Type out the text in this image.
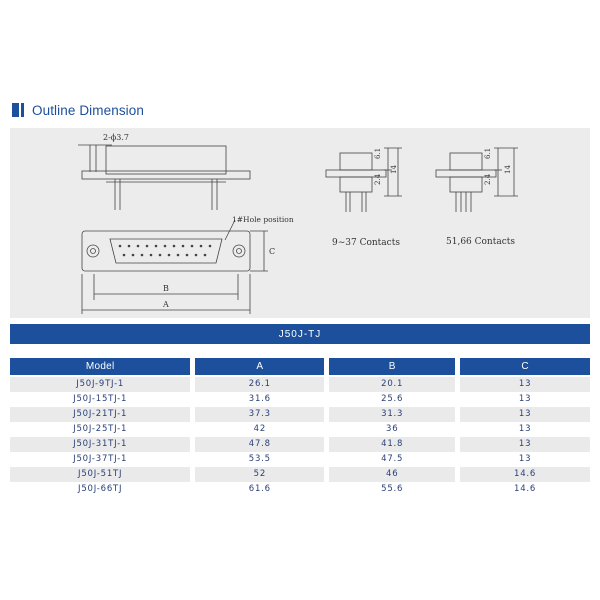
Outline Dimension
2-ϕ3.7
1#Hole position
C
B
A
6.1
2.4
14
6.1
2.4
14
9∼37 Contacts	51,66 Contacts
J50J-TJ
Model	A	B	C
J50J-9TJ-1	26.1	20.1	13
J50J-15TJ-1	31.6	25.6	13
J50J-21TJ-1	37.3	31.3	13
J50J-25TJ-1	42	36	13
J50J-31TJ-1	47.8	41.8	13
J50J-37TJ-1	53.5	47.5	13
J50J-51TJ	52	46	14.6
J50J-66TJ	61.6	55.6	14.6
